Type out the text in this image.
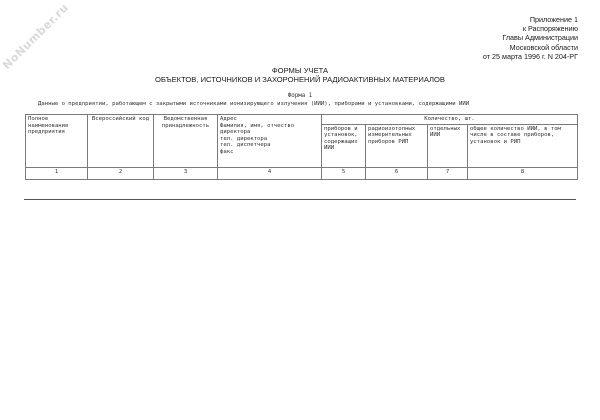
NoNumber.ru	Приложение 1
к Распоряжению
Главы Администрации
Московской области
от 25 марта 1996 г. N 204-РГ
ФОРМЫ УЧЕТА
ОБЪЕКТОВ, ИСТОЧНИКОВ И ЗАХОРОНЕНИЙ РАДИОАКТИВНЫХ МАТЕРИАЛОВ
Форма 1
Данные о предприятии, работающем с закрытыми источниками ионизирующего излучения (ИИИ), приборами и установками, содержащими ИИИ
Полное наименование предприятия	Всероссийский код	Ведомственная принадлежность	Адрес
Фамилия, имя, отчество директора
тел. директора
тел. диспетчера
факс	Количество, шт.			
				приборов и установок, содержащих ИИИ	радиоизотопных измерительных приборов РИП	отдельных ИИИ	общее количество ИИИ, в том числе в составе приборов, установок и РИП
1	2	3	4	5	6	7	8
